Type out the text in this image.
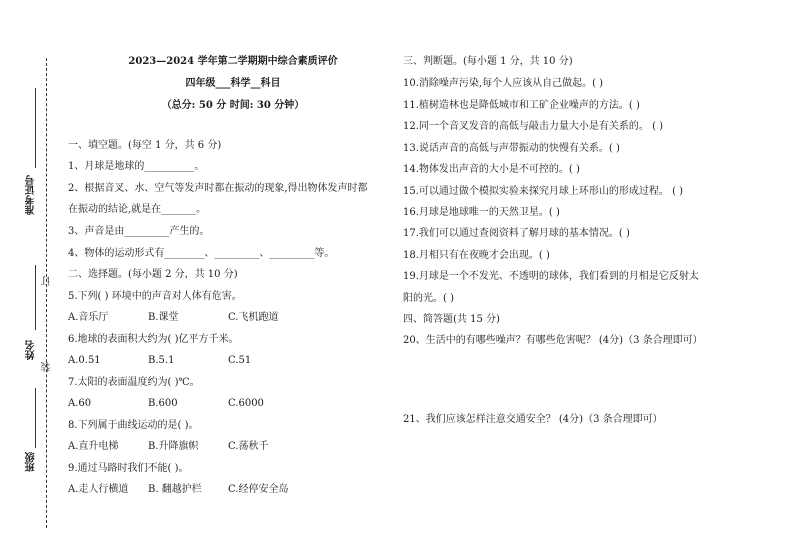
准考证号
订
姓名
装
班级
2023—2024 学年第二学期期中综合素质评价
四年级___科学__科目
（总分: 50 分 时间: 30 分钟）
一、填空题。(每空 1 分，共 6 分)
1、月球是地球的__________。
2、根据音叉、水、空气等发声时都在振动的现象,得出物体发声时都
在振动的结论,就是在_______。
3、声音是由_________产生的。
4、物体的运动形式有________、_________、_________等。
二、选择题。(每小题 2 分，共 10 分)
5.下列( ) 环境中的声音对人体有危害。
A.音乐厅	B.课堂	C.飞机跑道
6.地球的表面积大约为( )亿平方千米。
A.0.51	B.5.1	C.51
7.太阳的表面温度约为( )℃。
A.60	B.600	C.6000
8.下列属于曲线运动的是( )。
A.直升电梯	B.升降旗帜	C.荡秋千
9.通过马路时我们不能( )。
A.走人行横道 B. 翻越护栏	C.经停安全岛
三、判断题。(每小题 1 分，共 10 分)
10.消除噪声污染,每个人应该从自己做起。( )
11.植树造林也是降低城市和工矿企业噪声的方法。( )
12.同一个音叉发音的高低与敲击力量大小是有关系的。 ( )
13.说话声音的高低与声带振动的快慢有关系。( )
14.物体发出声音的大小是不可控的。( )
15.可以通过做个模拟实验来探究月球上环形山的形成过程。 ( )
16.月球是地球唯一的天然卫星。( )
17.我们可以通过查阅资料了解月球的基本情况。( )
18.月相只有在夜晚才会出现。( )
19.月球是一个不发光、不透明的球体，我们看到的月相是它反射太
阳的光。( )
四、简答题(共 15 分)
20、生活中的有哪些噪声？有哪些危害呢？ (4分)（3 条合理即可）
21、我们应该怎样注意交通安全？ (4分)（3 条合理即可）
